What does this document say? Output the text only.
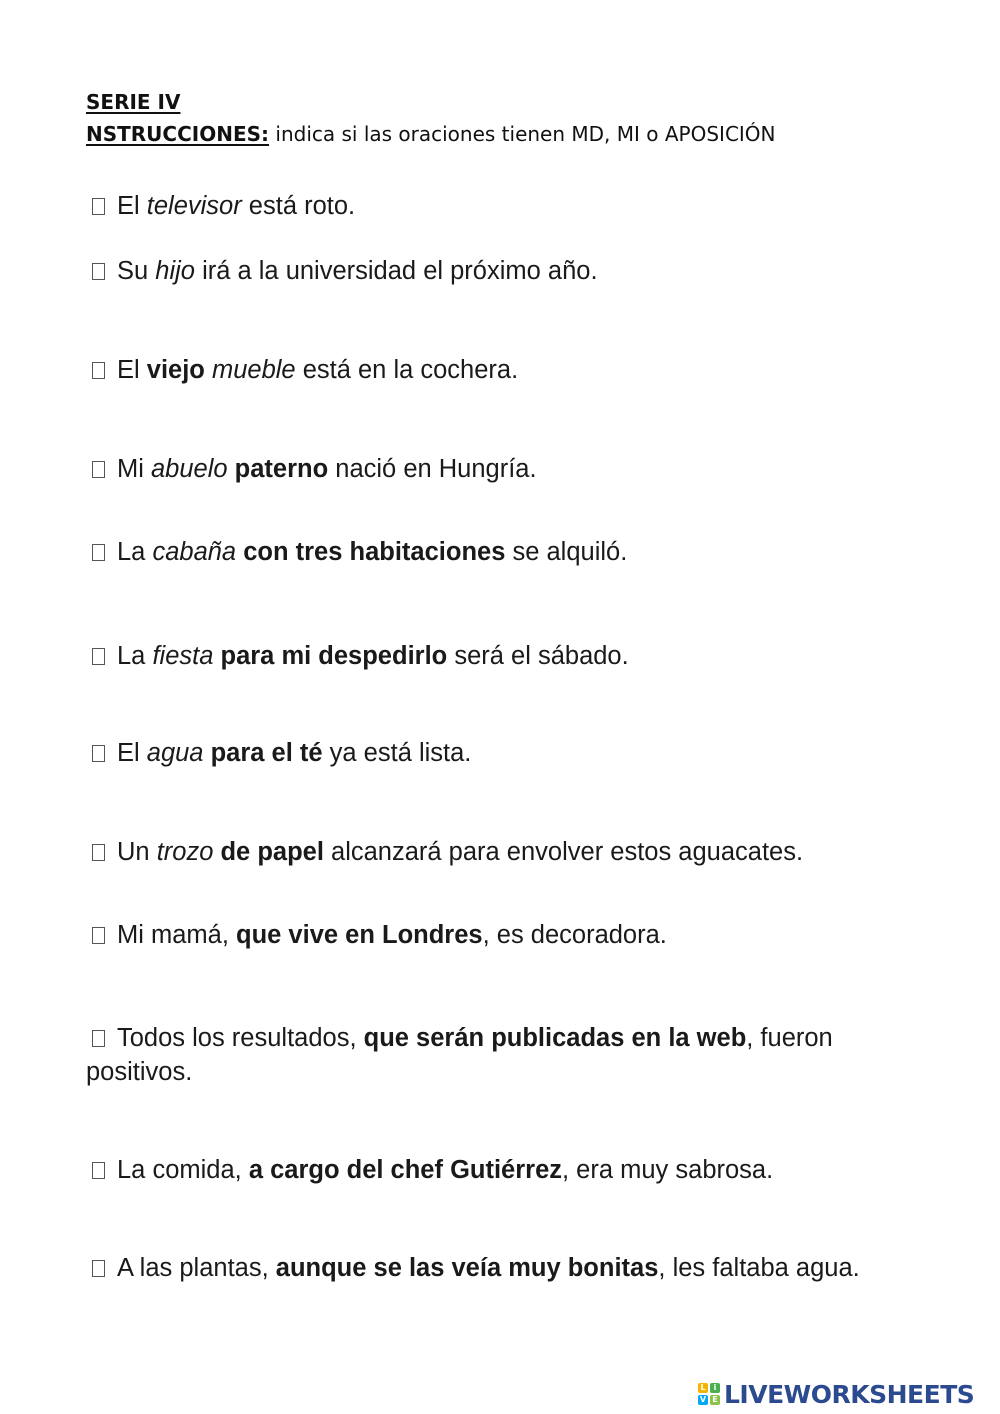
SERIE IV
NSTRUCCIONES: indica si las oraciones tienen MD, MI o APOSICIÓN
El televisor está roto.
Su hijo irá a la universidad el próximo año.
El viejo mueble está en la cochera.
Mi abuelo paterno nació en Hungría.
La cabaña con tres habitaciones se alquiló.
La fiesta para mi despedirlo será el sábado.
El agua para el té ya está lista.
Un trozo de papel alcanzará para envolver estos aguacates.
Mi mamá, que vive en Londres, es decoradora.
Todos los resultados, que serán publicadas en la web, fueron positivos.
La comida, a cargo del chef Gutiérrez, era muy sabrosa.
A las plantas, aunque se las veía muy bonitas, les faltaba agua.
L	i
V E LIVEWORKSHEETS
